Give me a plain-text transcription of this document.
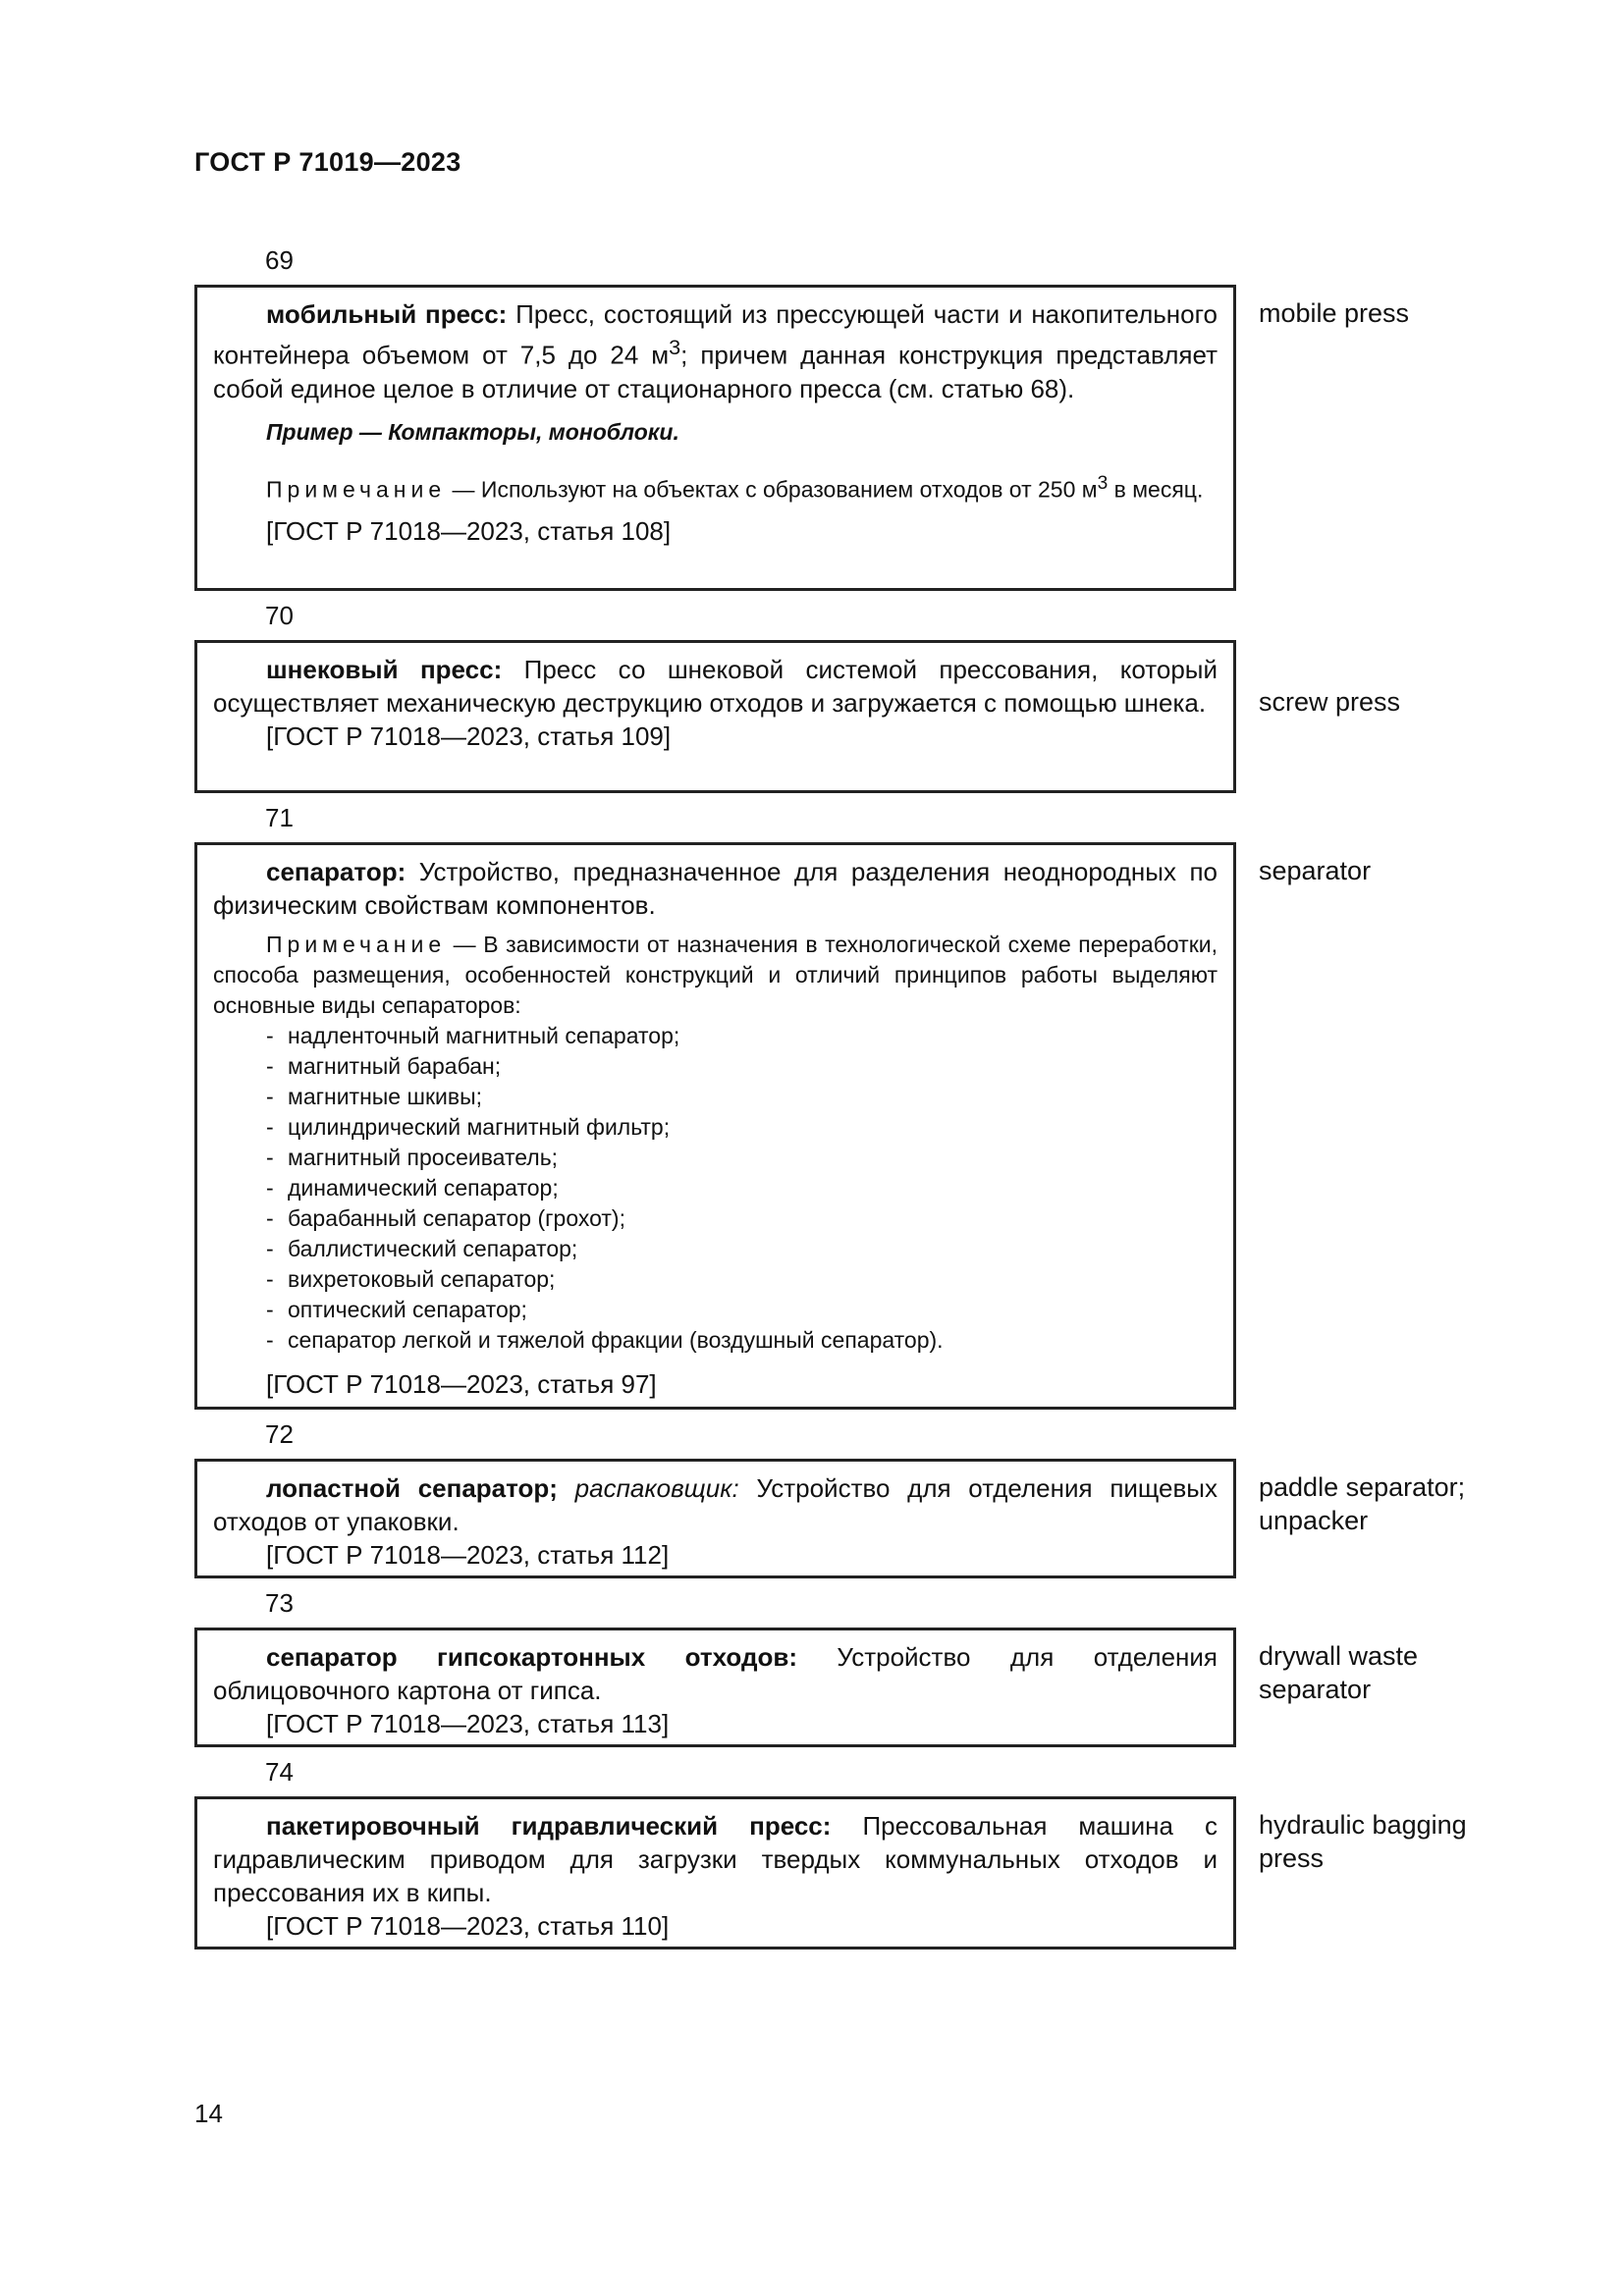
ГОСТ Р 71019—2023
69

мобильный пресс: Пресс, состоящий из прессующей части и накопительного контейнера объемом от 7,5 до 24 $м^3$; причем данная конструкция представляет собой единое целое в отличие от стационарного пресса (см. статью 68).

Пример — Компакторы, моноблоки.

Примечание — Используют на объектах с образованием отходов от 250 $м^3$ в месяц.

[ГОСТ Р 71018—2023, статья 108]

mobile press
70

шнековый пресс: Пресс со шнековой системой прессования, который осуществляет механическую деструкцию отходов и загружается с помощью шнека.

[ГОСТ Р 71018—2023, статья 109]

screw press
71

сепаратор: Устройство, предназначенное для разделения неоднородных по физическим свойствам компонентов.

Примечание — В зависимости от назначения в технологической схеме переработки, способа размещения, особенностей конструкций и отличий принципов работы выделяют основные виды сепараторов:

- надленточный магнитный сепаратор;
- магнитный барабан;
- магнитные шкивы;
- цилиндрический магнитный фильтр;
- магнитный просеиватель;
- динамический сепаратор;
- барабанный сепаратор (грохот);
- баллистический сепаратор;
- вихретоковый сепаратор;
- оптический сепаратор;
- сепаратор легкой и тяжелой фракции (воздушный сепаратор).

[ГОСТ Р 71018—2023, статья 97]

separator
72

лопастной сепаратор; распаковщик: Устройство для отделения пищевых отходов от упаковки.

[ГОСТ Р 71018—2023, статья 112]

paddle separator; unpacker
73

сепаратор гипсокартонных отходов: Устройство для отделения облицовочного картона от гипса.

[ГОСТ Р 71018—2023, статья 113]

drywall waste separator
74

пакетировочный гидравлический пресс: Прессовальная машина с гидравлическим приводом для загрузки твердых коммунальных отходов и прессования их в кипы.

[ГОСТ Р 71018—2023, статья 110]

hydraulic bagging press
14
